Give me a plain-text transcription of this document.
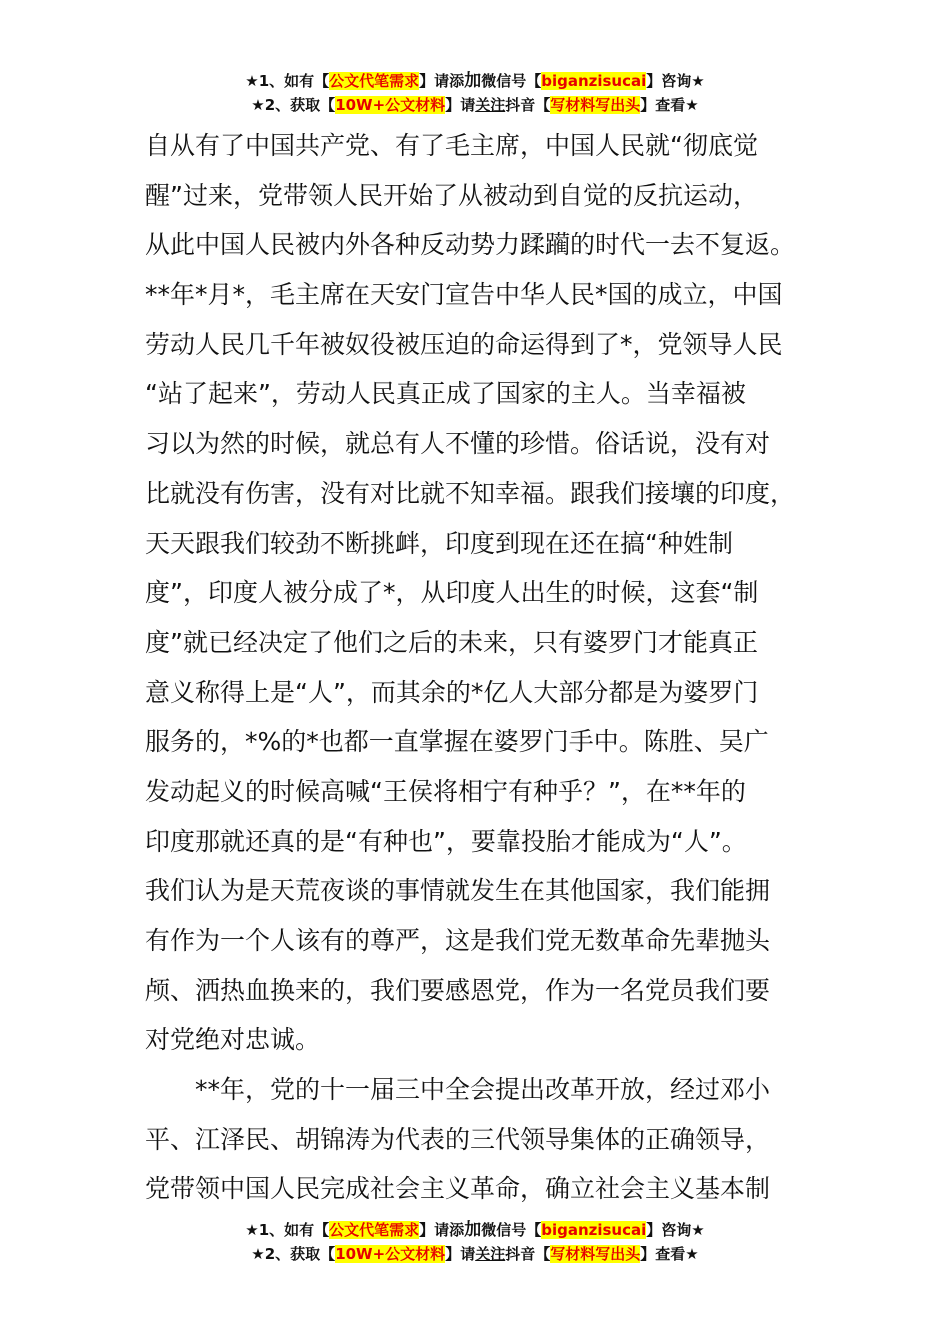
★1、如有【公文代笔需求】请添加微信号【biganzisucai】咨询★
★2、获取【10W+公文材料】请关注抖音【写材料写出头】查看★
自从有了中国共产党、有了毛主席，中国人民就“彻底觉
醒”过来，党带领人民开始了从被动到自觉的反抗运动，
从此中国人民被内外各种反动势力蹂躏的时代一去不复返。
**年*月*，毛主席在天安门宣告中华人民*国的成立，中国
劳动人民几千年被奴役被压迫的命运得到了*，党领导人民
“站了起来”，劳动人民真正成了国家的主人。当幸福被
习以为然的时候，就总有人不懂的珍惜。俗话说，没有对
比就没有伤害，没有对比就不知幸福。跟我们接壤的印度，
天天跟我们较劲不断挑衅，印度到现在还在搞“种姓制
度”，印度人被分成了*，从印度人出生的时候，这套“制
度”就已经决定了他们之后的未来，只有婆罗门才能真正
意义称得上是“人”，而其余的*亿人大部分都是为婆罗门
服务的，*%的*也都一直掌握在婆罗门手中。陈胜、吴广
发动起义的时候高喊“王侯将相宁有种乎？”，在**年的
印度那就还真的是“有种也”，要靠投胎才能成为“人”。
我们认为是天荒夜谈的事情就发生在其他国家，我们能拥
有作为一个人该有的尊严，这是我们党无数革命先辈抛头
颅、洒热血换来的，我们要感恩党，作为一名党员我们要
对党绝对忠诚。
　　**年，党的十一届三中全会提出改革开放，经过邓小
平、江泽民、胡锦涛为代表的三代领导集体的正确领导，
党带领中国人民完成社会主义革命，确立社会主义基本制
★1、如有【公文代笔需求】请添加微信号【biganzisucai】咨询★
★2、获取【10W+公文材料】请关注抖音【写材料写出头】查看★
